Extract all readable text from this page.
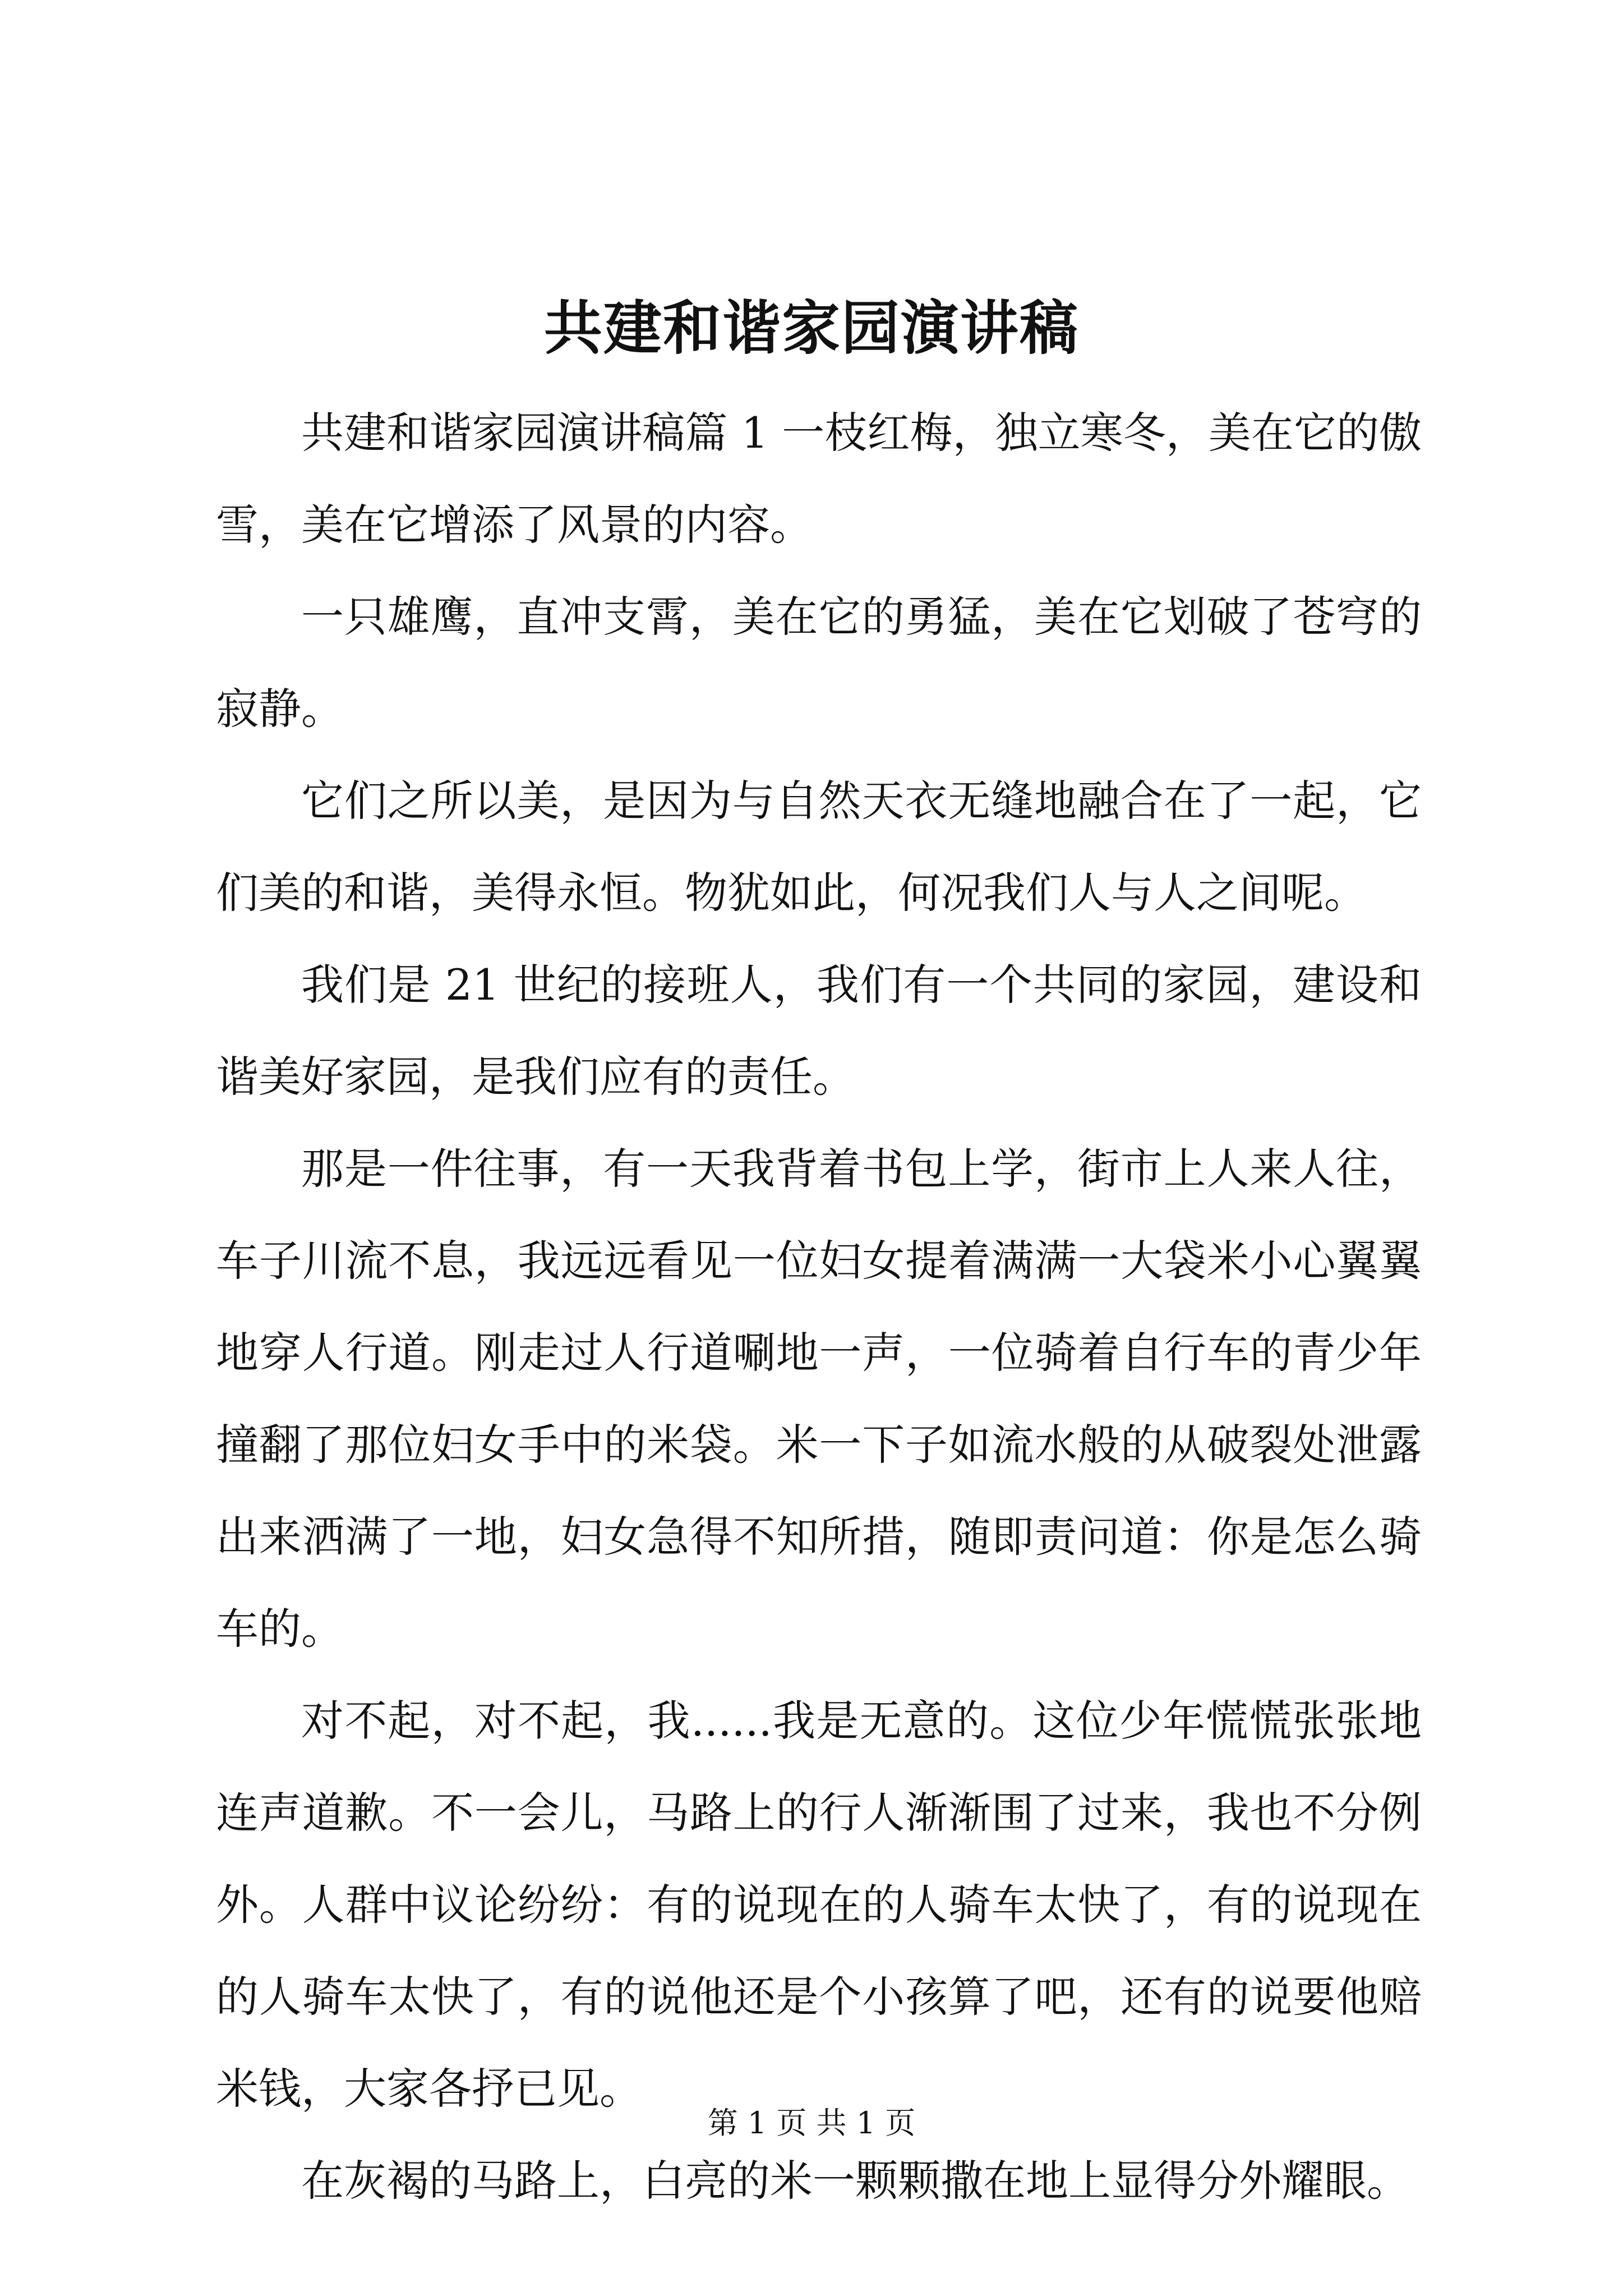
共建和谐家园演讲稿

共建和谐家园演讲稿篇 1 一枝红梅，独立寒冬，美在它的傲雪，美在它增添了风景的内容。

一只雄鹰，直冲支霄，美在它的勇猛，美在它划破了苍穹的寂静。

它们之所以美，是因为与自然天衣无缝地融合在了一起，它们美的和谐，美得永恒。物犹如此，何况我们人与人之间呢。

我们是 21 世纪的接班人，我们有一个共同的家园，建设和谐美好家园，是我们应有的责任。

那是一件往事，有一天我背着书包上学，街市上人来人往，车子川流不息，我远远看见一位妇女提着满满一大袋米小心翼翼地穿人行道。刚走过人行道唰地一声，一位骑着自行车的青少年撞翻了那位妇女手中的米袋。米一下子如流水般的从破裂处泄露出来洒满了一地，妇女急得不知所措，随即责问道：你是怎么骑车的。

对不起，对不起，我......我是无意的。这位少年慌慌张张地连声道歉。不一会儿，马路上的行人渐渐围了过来，我也不分例外。人群中议论纷纷：有的说现在的人骑车太快了，有的说现在的人骑车太快了，有的说他还是个小孩算了吧，还有的说要他赔米钱，大家各抒已见。

在灰褐的马路上，白亮的米一颗颗撒在地上显得分外耀眼。

第 1 页 共 1 页
